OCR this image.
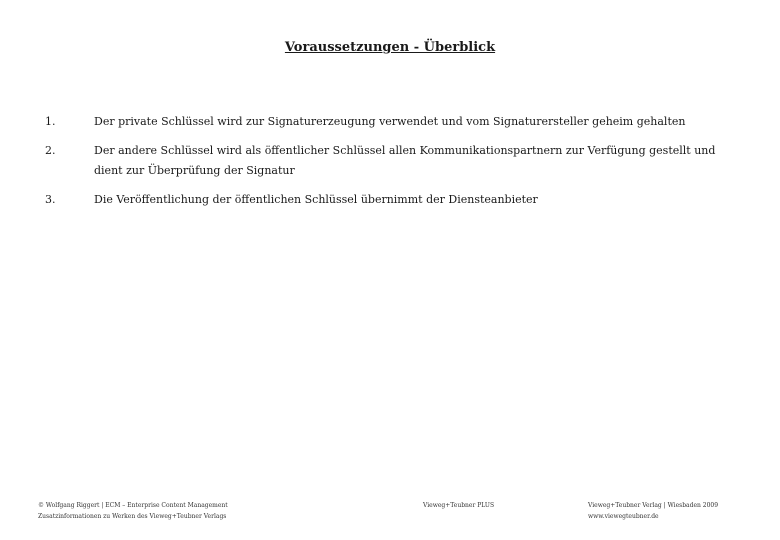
Voraussetzungen - Überblick
1.	Der private Schlüssel wird zur Signaturerzeugung verwendet und vom Signaturersteller geheim gehalten
2.	Der andere Schlüssel wird als öffentlicher Schlüssel allen Kommunikationspartnern zur Verfügung gestellt und dient zur Überprüfung der Signatur
3.	Die Veröffentlichung der öffentlichen Schlüssel übernimmt der Diensteanbieter
© Wolfgang Riggert | ECM – Enterprise Content Management
Zusatzinformationen zu Werken des Vieweg+Teubner Verlags
Vieweg+Teubner PLUS	Vieweg+Teubner Verlag | Wiesbaden 2009
www.viewegteubner.de
